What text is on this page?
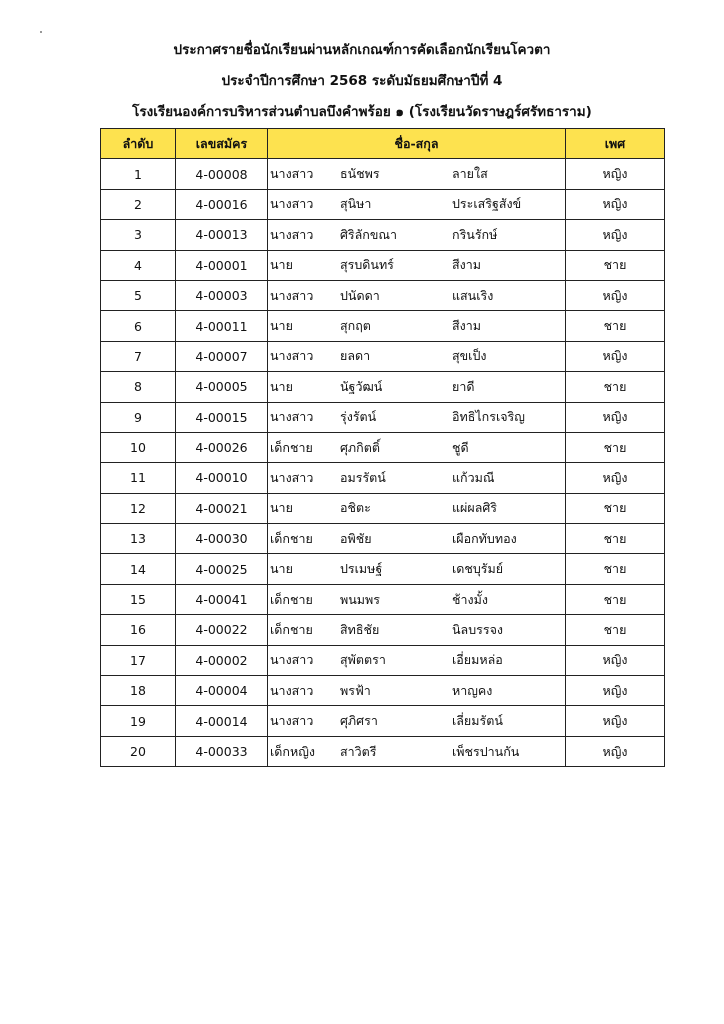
ประกาศรายชื่อนักเรียนผ่านหลักเกณฑ์การคัดเลือกนักเรียนโควตา
ประจำปีการศึกษา 2568 ระดับมัธยมศึกษาปีที่ 4
โรงเรียนองค์การบริหารส่วนตำบลบึงคำพร้อย ๑ (โรงเรียนวัดราษฎร์ศรัทธาราม)
ลำดับ	เลขสมัคร	ชื่อ-สกุล	เพศ
1	4-00008	นางสาว ธนัชพร ลายใส	หญิง
2	4-00016	นางสาว สุนิษา ประเสริฐสังข์	หญิง
3	4-00013	นางสาว ศิริลักขณา กรินรักษ์	หญิง
4	4-00001	นาย สุรบดินทร์ สีงาม	ชาย
5	4-00003	นางสาว ปนัดดา แสนเริง	หญิง
6	4-00011	นาย สุกฤต สีงาม	ชาย
7	4-00007	นางสาว ยลดา สุขเป็ง	หญิง
8	4-00005	นาย นัฐวัฒน์ ยาดี	ชาย
9	4-00015	นางสาว รุ่งรัตน์ อิทธิไกรเจริญ	หญิง
10	4-00026	เด็กชาย ศุภกิตติ์ ชูดี	ชาย
11	4-00010	นางสาว อมรรัตน์ แก้วมณี	หญิง
12	4-00021	นาย อชิตะ แผ่ผลศิริ	ชาย
13	4-00030	เด็กชาย อพิชัย เผือกทับทอง	ชาย
14	4-00025	นาย ปรเมษฐ์ เดชบุรัมย์	ชาย
15	4-00041	เด็กชาย พนมพร ช้างมั้ง	ชาย
16	4-00022	เด็กชาย สิทธิชัย นิลบรรจง	ชาย
17	4-00002	นางสาว สุพัตตรา เอี่ยมหล่อ	หญิง
18	4-00004	นางสาว พรฟ้า หาญคง	หญิง
19	4-00014	นางสาว ศุภิศรา เลี่ยมรัตน์	หญิง
20	4-00033	เด็กหญิง สาวิตรี เพ็ชรปานกัน	หญิง
